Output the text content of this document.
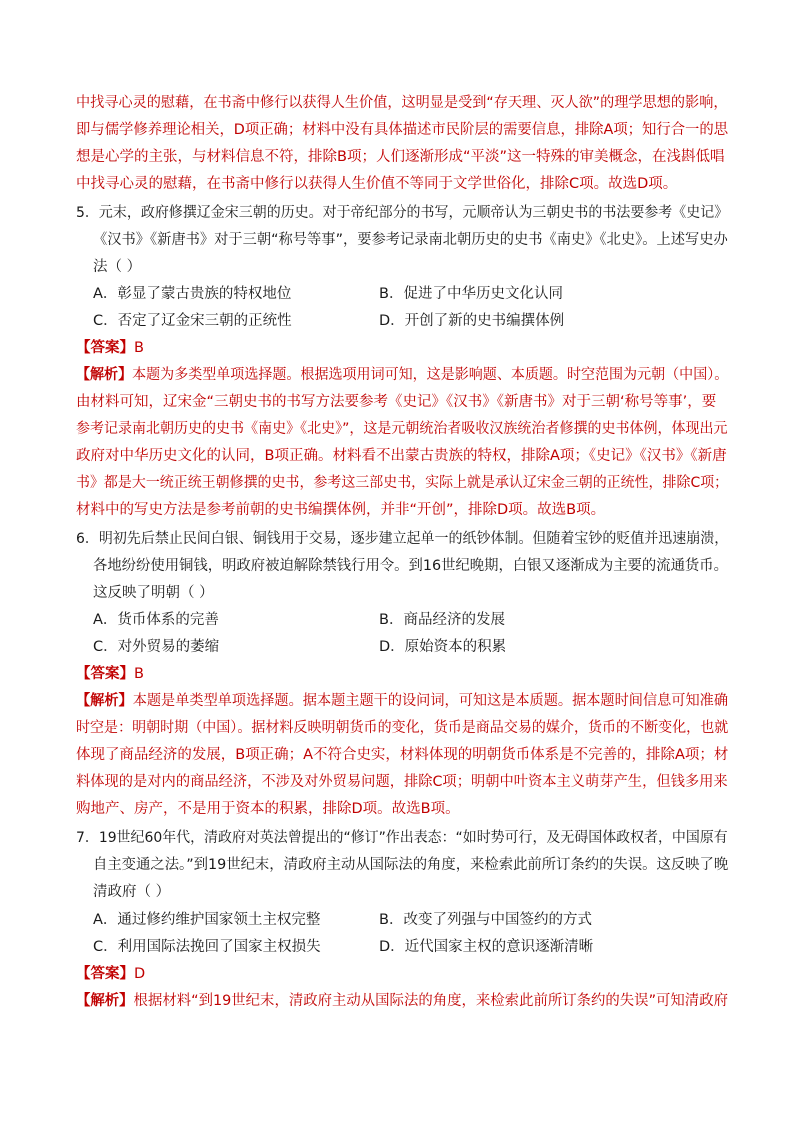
中找寻心灵的慰藉，在书斋中修行以获得人生价值，这明显是受到“存天理、灭人欲”的理学思想的影响，
即与儒学修养理论相关，D项正确；材料中没有具体描述市民阶层的需要信息，排除A项；知行合一的思
想是心学的主张，与材料信息不符，排除B项；人们逐渐形成“平淡”这一特殊的审美概念，在浅斟低唱
中找寻心灵的慰藉，在书斋中修行以获得人生价值不等同于文学世俗化，排除C项。故选D项。
5．元末，政府修撰辽金宋三朝的历史。对于帝纪部分的书写，元顺帝认为三朝史书的书法要参考《史记》
《汉书》《新唐书》对于三朝“称号等事”，要参考记录南北朝历史的史书《南史》《北史》。上述写史办
法（ ）
A．彰显了蒙古贵族的特权地位	B．促进了中华历史文化认同
C．否定了辽金宋三朝的正统性	D．开创了新的史书编撰体例
【答案】B
【解析】本题为多类型单项选择题。根据选项用词可知，这是影响题、本质题。时空范围为元朝（中国）。
由材料可知，辽宋金“三朝史书的书写方法要参考《史记》《汉书》《新唐书》对于三朝‘称号等事’，要
参考记录南北朝历史的史书《南史》《北史》”，这是元朝统治者吸收汉族统治者修撰的史书体例，体现出元
政府对中华历史文化的认同，B项正确。材料看不出蒙古贵族的特权，排除A项；《史记》《汉书》《新唐
书》都是大一统正统王朝修撰的史书，参考这三部史书，实际上就是承认辽宋金三朝的正统性，排除C项；
材料中的写史方法是参考前朝的史书编撰体例，并非“开创”，排除D项。故选B项。
6．明初先后禁止民间白银、铜钱用于交易，逐步建立起单一的纸钞体制。但随着宝钞的贬值并迅速崩溃，
各地纷纷使用铜钱，明政府被迫解除禁钱行用令。到16世纪晚期，白银又逐渐成为主要的流通货币。
这反映了明朝（ ）
A．货币体系的完善	B．商品经济的发展
C．对外贸易的萎缩	D．原始资本的积累
【答案】B
【解析】本题是单类型单项选择题。据本题主题干的设问词，可知这是本质题。据本题时间信息可知准确
时空是：明朝时期（中国）。据材料反映明朝货币的变化，货币是商品交易的媒介，货币的不断变化，也就
体现了商品经济的发展，B项正确；A不符合史实，材料体现的明朝货币体系是不完善的，排除A项；材
料体现的是对内的商品经济，不涉及对外贸易问题，排除C项；明朝中叶资本主义萌芽产生，但钱多用来
购地产、房产，不是用于资本的积累，排除D项。故选B项。
7．19世纪60年代，清政府对英法曾提出的“修订”作出表态：“如时势可行，及无碍国体政权者，中国原有
自主变通之法。”到19世纪末，清政府主动从国际法的角度，来检索此前所订条约的失误。这反映了晚
清政府（ ）
A．通过修约维护国家领土主权完整	B．改变了列强与中国签约的方式
C．利用国际法挽回了国家主权损失	D．近代国家主权的意识逐渐清晰
【答案】D
【解析】根据材料“到19世纪末，清政府主动从国际法的角度，来检索此前所订条约的失误”可知清政府
